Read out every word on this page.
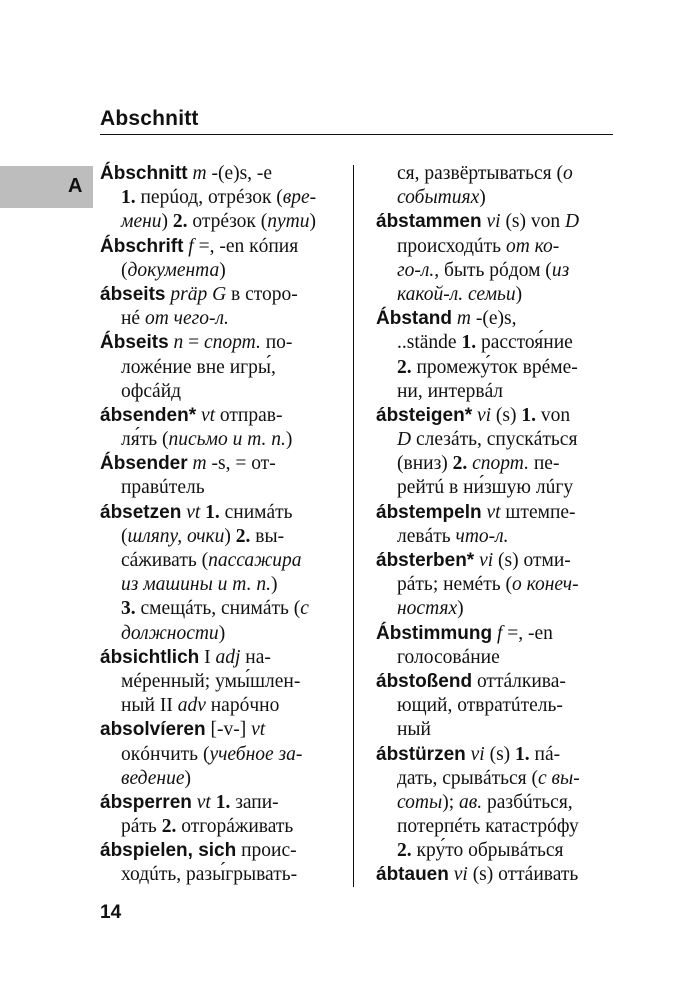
Abschnitt
A
Ábschnitt m -(e)s, -e
1. перúод, отрéзок (вре-
мени) 2. отрéзок (пути)
Ábschrift f =, -en кóпия
(документа)
ábseits präp G в сторо-
нé от чего-л.
Ábseits n = спорт. по-
ложéние вне игры́,
офсáйд
ábsenden* vt отправ-
ля́ть (письмо и т. п.)
Ábsender m -s, = от-
правúтель
ábsetzen vt 1. снимáть
(шляпу, очки) 2. вы-
сáживать (пассажира
из машины и т. п.)
3. смещáть, снимáть (с
должности)
ábsichtlich I adj на-
мéренный; умы́шлен-
ный II adv нарóчно
absolvíeren [-v-] vt
окóнчить (учебное за-
ведение)
ábsperren vt 1. запи-
рáть 2. отгорáживать
ábspielen, sich проис-
ходúть, разы́грывать-
ся, развёртываться (о
событиях)
ábstammen vi (s) von D
происходúть от ко-
го-л., быть рóдом (из
какой-л. семьи)
Ábstand m -(e)s,
..stände 1. расстоя́ние
2. промежу́ток врéме-
ни, интервáл
ábsteigen* vi (s) 1. von
D слезáть, спускáться
(вниз) 2. спорт. пе-
рейтú в ни́зшую лúгу
ábstempeln vt штемпе-
левáть что-л.
ábsterben* vi (s) отми-
рáть; немéть (о конеч-
ностях)
Ábstimmung f =, -en
голосовáние
ábstoßend оттáлкива-
ющий, отвратúтель-
ный
ábstürzen vi (s) 1. пá-
дать, срывáться (с вы-
соты); ав. разбúться,
потерпéть катастрóфу
2. кру́то обрывáться
ábtauen vi (s) оттáивать
14
